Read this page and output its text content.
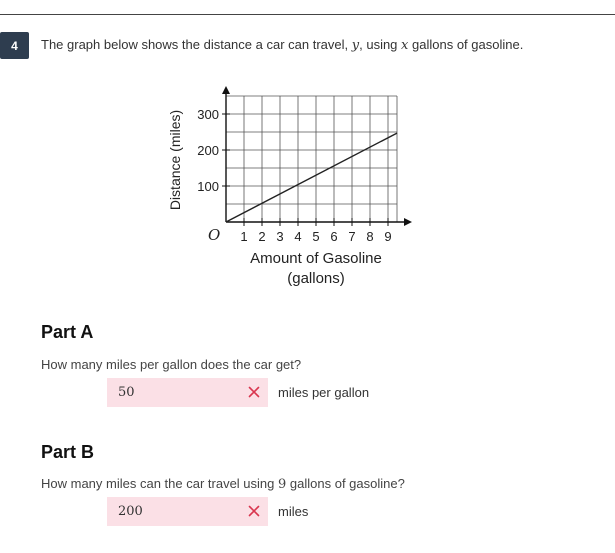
4	The graph below shows the distance a car can travel, y, using x gallons of gasoline.
1 2 3 4 5 6 7 8 9
100
200
300
Distance (miles)
O
Amount of Gasoline
(gallons)
Part A
How many miles per gallon does the car get?
50	miles per gallon
Part B
How many miles can the car travel using 9 gallons of gasoline?
200	miles
